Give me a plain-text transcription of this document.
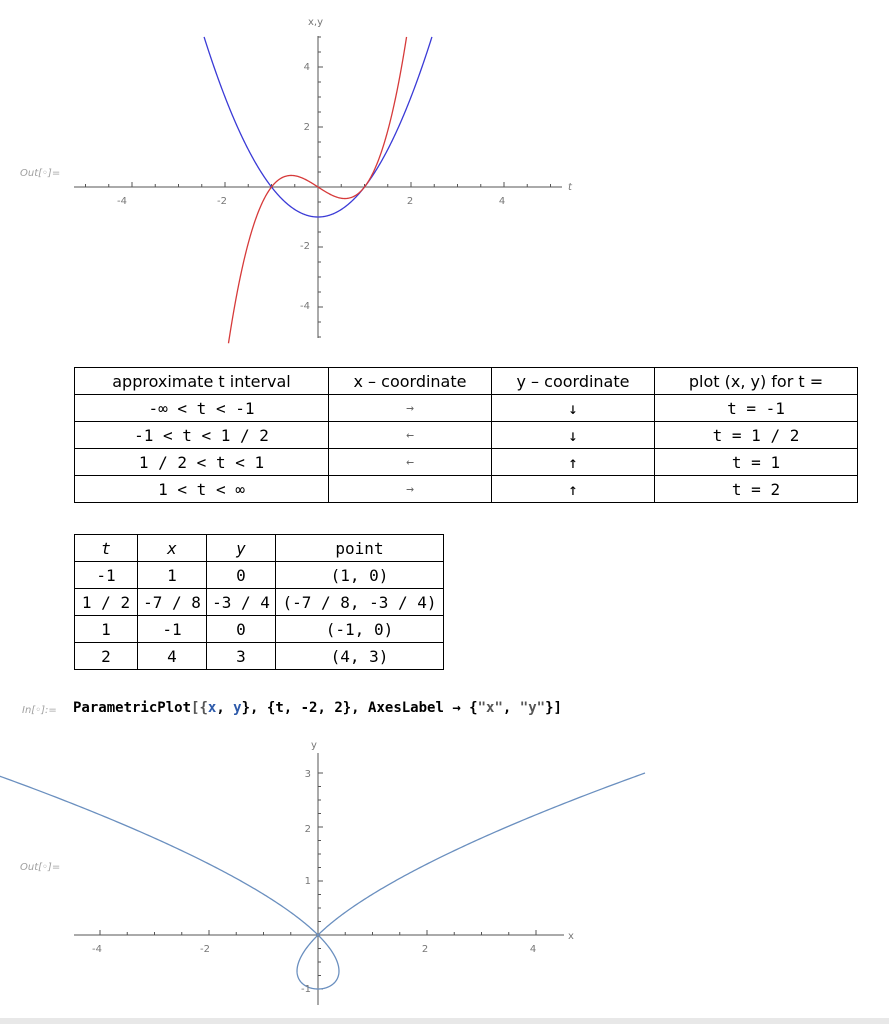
Out[◦]=
t
x,y
-4	-2	2	4
4
2
-2
-4
approximate t interval	x – coordinate	y – coordinate	plot (x, y) for t =
-∞ < t < -1	→	↓	t = -1
-1 < t < 1 / 2	←	↓	t = 1 / 2
1 / 2 < t < 1	←	↑	t = 1
1 < t < ∞	→	↑	t = 2
t	x	y	point
-1	1	0	(1, 0)
1 / 2	-7 / 8	-3 / 4	(-7 / 8, -3 / 4)
1	-1	0	(-1, 0)
2	4	3	(4, 3)
In[◦]:= ParametricPlot[{x, y}, {t, -2, 2}, AxesLabel → {"x", "y"}]
Out[◦]=
x
y
-4	-2	2	4
3
2
1
-1
